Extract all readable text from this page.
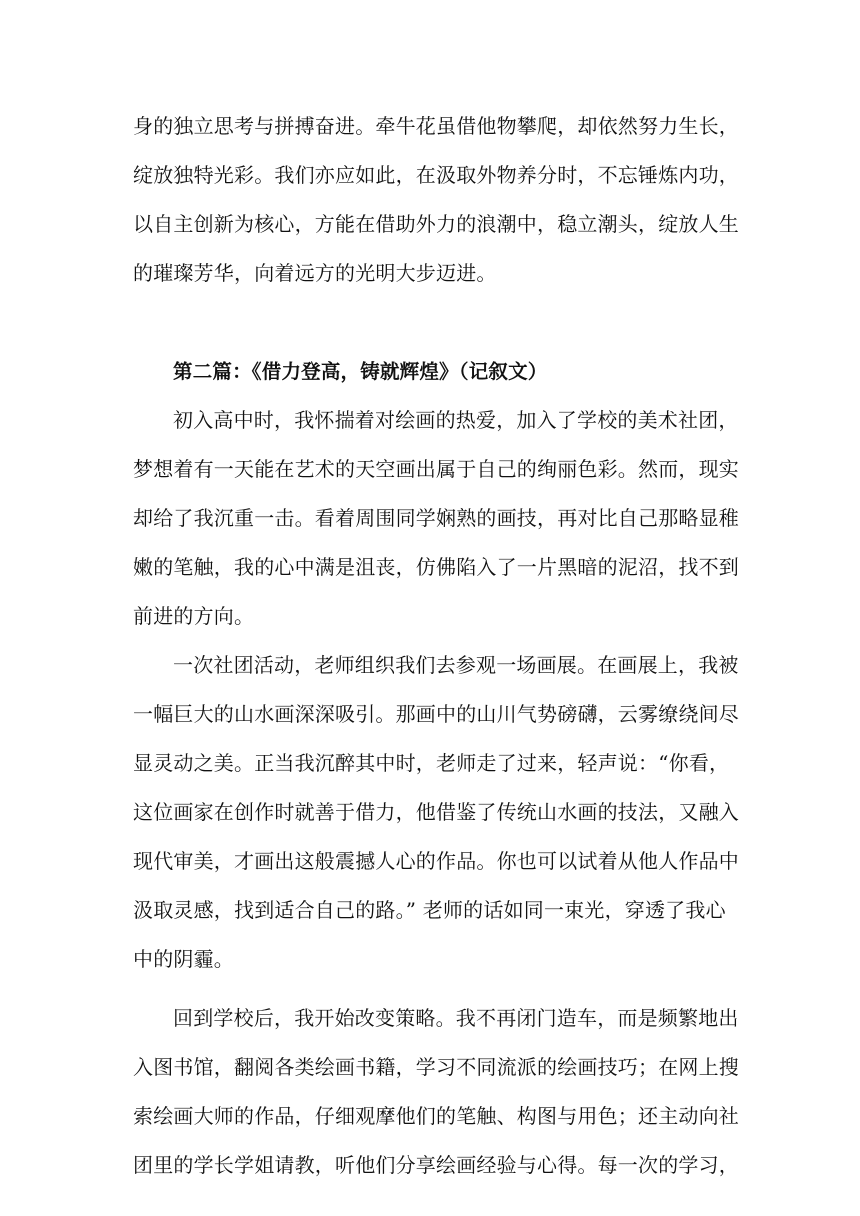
身的独立思考与拼搏奋进。牵牛花虽借他物攀爬，却依然努力生长，
绽放独特光彩。我们亦应如此，在汲取外物养分时，不忘锤炼内功，
以自主创新为核心，方能在借助外力的浪潮中，稳立潮头，绽放人生
的璀璨芳华，向着远方的光明大步迈进。
第二篇：《借力登高，铸就辉煌》（记叙文）
初入高中时，我怀揣着对绘画的热爱，加入了学校的美术社团，
梦想着有一天能在艺术的天空画出属于自己的绚丽色彩。然而，现实
却给了我沉重一击。看着周围同学娴熟的画技，再对比自己那略显稚
嫩的笔触，我的心中满是沮丧，仿佛陷入了一片黑暗的泥沼，找不到
前进的方向。
一次社团活动，老师组织我们去参观一场画展。在画展上，我被
一幅巨大的山水画深深吸引。那画中的山川气势磅礴，云雾缭绕间尽
显灵动之美。正当我沉醉其中时，老师走了过来，轻声说：“你看，
这位画家在创作时就善于借力，他借鉴了传统山水画的技法，又融入
现代审美，才画出这般震撼人心的作品。你也可以试着从他人作品中
汲取灵感，找到适合自己的路。” 老师的话如同一束光，穿透了我心
中的阴霾。
回到学校后，我开始改变策略。我不再闭门造车，而是频繁地出
入图书馆，翻阅各类绘画书籍，学习不同流派的绘画技巧；在网上搜
索绘画大师的作品，仔细观摩他们的笔触、构图与用色；还主动向社
团里的学长学姐请教，听他们分享绘画经验与心得。每一次的学习，
